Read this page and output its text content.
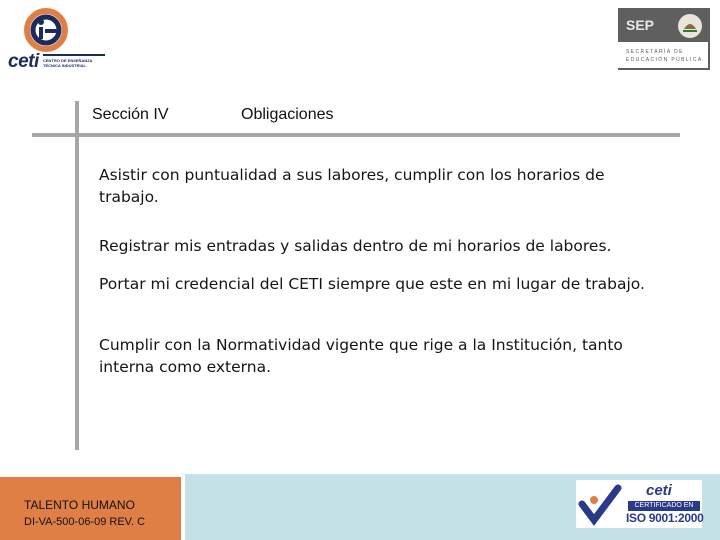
ceti CENTRO DE ENSEÑANZA
TÉCNICA INDUSTRIAL
SEP
SECRETARÍA DE
EDUCACIÓN PÚBLICA
Sección IV	Obligaciones
Asistir con puntualidad a sus labores, cumplir con los horarios de trabajo.
Registrar mis entradas y salidas dentro de mi horarios de labores.
Portar mi credencial del CETI siempre que este en mi lugar de trabajo.
Cumplir con la Normatividad vigente que rige a la Institución, tanto interna como externa.
TALENTO HUMANO
DI-VA-500-06-09 REV. C
ceti
CERTIFICADO EN
ISO 9001:2000
